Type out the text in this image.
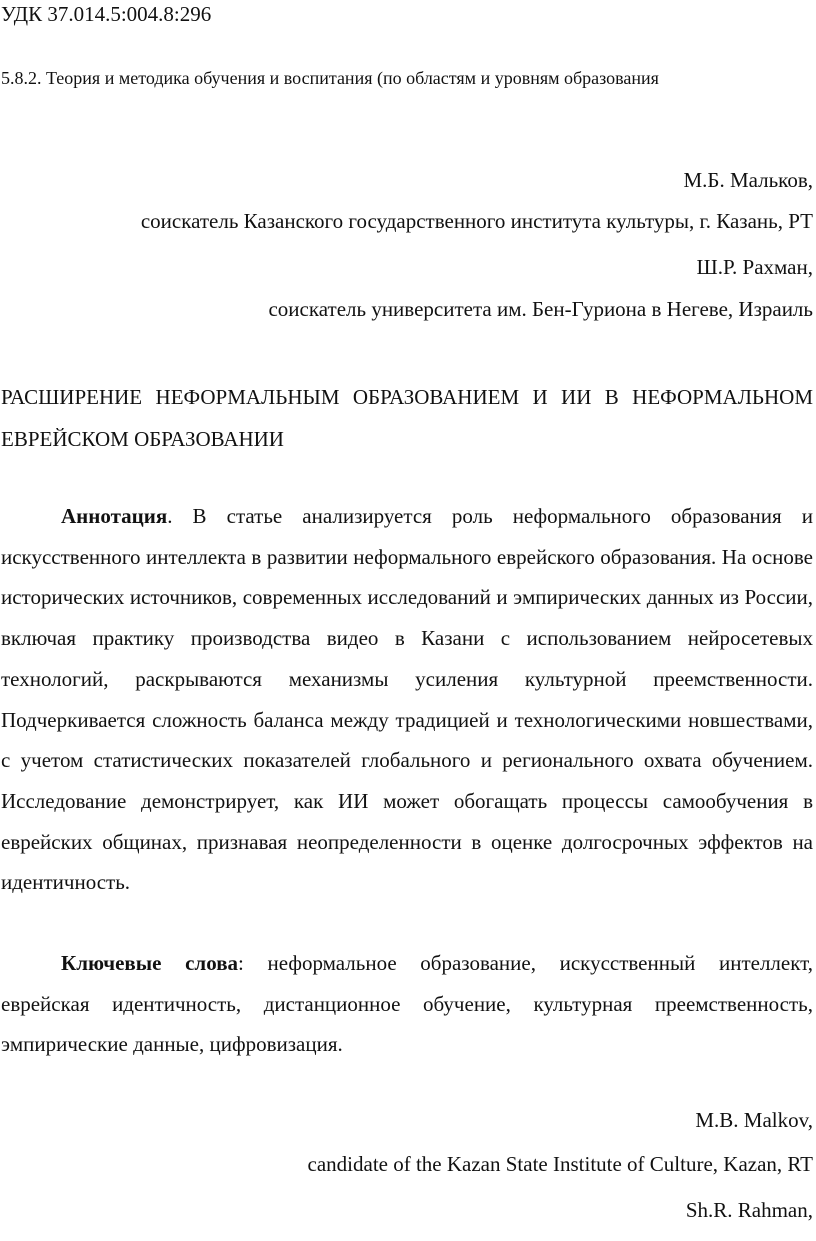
УДК 37.014.5:004.8:296
5.8.2. Теория и методика обучения и воспитания (по областям и уровням образования
М.Б. Мальков,
соискатель Казанского государственного института культуры, г. Казань, РТ
Ш.Р. Рахман,
соискатель университета им. Бен-Гуриона в Негеве, Израиль
РАСШИРЕНИЕ НЕФОРМАЛЬНЫМ ОБРАЗОВАНИЕМ И ИИ В НЕФОРМАЛЬНОМ ЕВРЕЙСКОМ ОБРАЗОВАНИИ

Аннотация. В статье анализируется роль неформального образования и искусственного интеллекта в развитии неформального еврейского образования. На основе исторических источников, современных исследований и эмпирических данных из России, включая практику производства видео в Казани с использованием нейросетевых технологий, раскрываются механизмы усиления культурной преемственности. Подчеркивается сложность баланса между традицией и технологическими новшествами, с учетом статистических показателей глобального и регионального охвата обучением. Исследование демонстрирует, как ИИ может обогащать процессы самообучения в еврейских общинах, признавая неопределенности в оценке долгосрочных эффектов на идентичность.

Ключевые слова: неформальное образование, искусственный интеллект, еврейская идентичность, дистанционное обучение, культурная преемственность, эмпирические данные, цифровизация.

M.B. Malkov,
candidate of the Kazan State Institute of Culture, Kazan, RT
Sh.R. Rahman,
